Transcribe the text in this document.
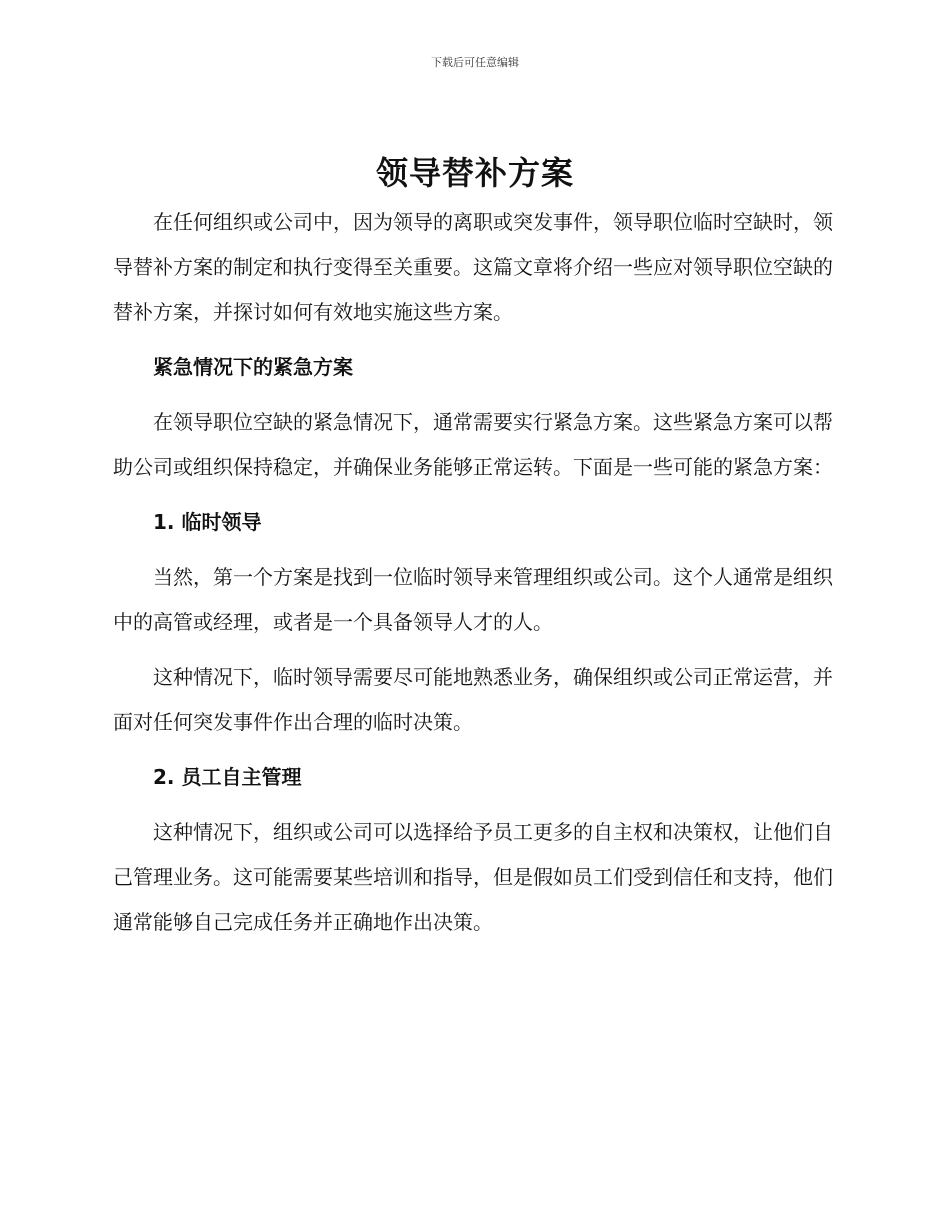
下载后可任意编辑
领导替补方案

在任何组织或公司中，因为领导的离职或突发事件，领导职位临时空缺时，领导替补方案的制定和执行变得至关重要。这篇文章将介绍一些应对领导职位空缺的替补方案，并探讨如何有效地实施这些方案。

紧急情况下的紧急方案

在领导职位空缺的紧急情况下，通常需要实行紧急方案。这些紧急方案可以帮助公司或组织保持稳定，并确保业务能够正常运转。下面是一些可能的紧急方案：

1. 临时领导

当然，第一个方案是找到一位临时领导来管理组织或公司。这个人通常是组织中的高管或经理，或者是一个具备领导人才的人。

这种情况下，临时领导需要尽可能地熟悉业务，确保组织或公司正常运营，并面对任何突发事件作出合理的临时决策。

2. 员工自主管理

这种情况下，组织或公司可以选择给予员工更多的自主权和决策权，让他们自己管理业务。这可能需要某些培训和指导，但是假如员工们受到信任和支持，他们通常能够自己完成任务并正确地作出决策。
